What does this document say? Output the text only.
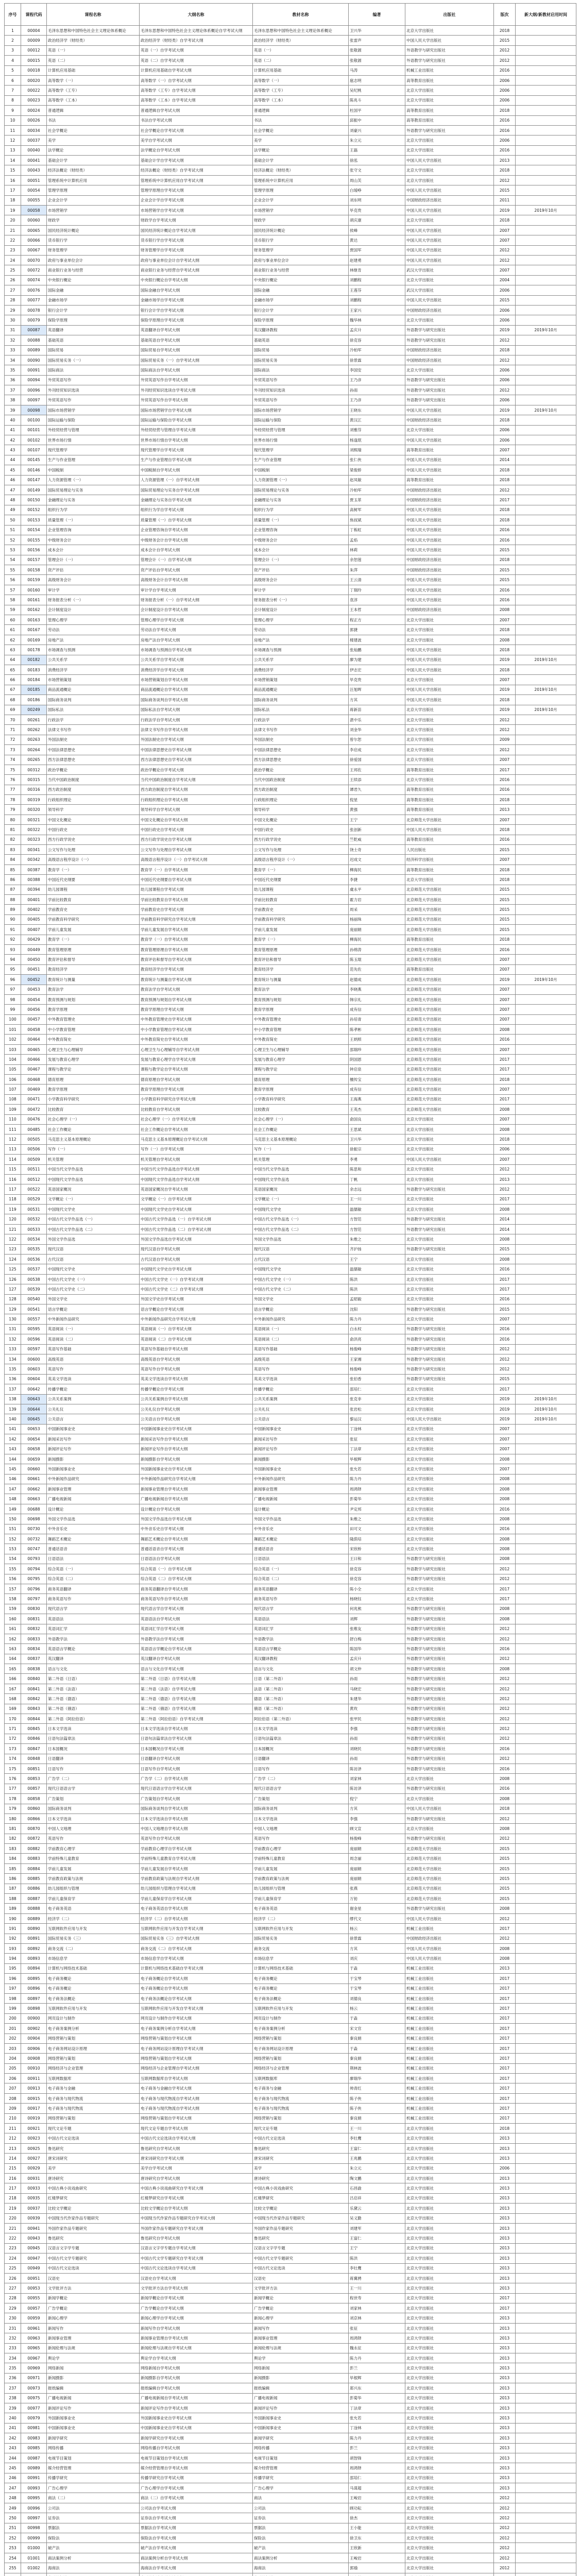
序号	课程代码	课程名称	大纲名称	教材名称	编著	出版社	版次	新大纲/新教材启用时间
1	00004	毛泽东思想和中国特色社会主义理论体系概论	毛泽东思想和中国特色社会主义理论体系概论自学考试大纲	毛泽东思想和中国特色社会主义理论体系概论	卫兴华	北京大学出版社	2018	
2	00009	政治经济学（财经类）	政治经济学（财经类）自学考试大纲	政治经济学（财经类）	张雷声	中国人民大学出版社	2015	
3	00012	英语（一）	英语（一）自学考试大纲	英语（一）	张敬源	外语教学与研究出版社	2012	
4	00015	英语（二）	英语（二）自学考试大纲	英语（二）	张敬源	外语教学与研究出版社	2012	
5	00018	计算机应用基础	计算机应用基础自学考试大纲	计算机应用基础	马涛	机械工业出版社	2016	
6	00020	高等数学（一）	高等数学（一）自学考试大纲	高等数学（一）	扈志明	高等教育出版社	2006	
7	00022	高等数学（工专）	高等数学（工专）自学考试大纲	高等数学（工专）	吴纪桃	北京大学出版社	2006	
8	00023	高等数学（工本）	高等数学（工本）自学考试大纲	高等数学（工本）	陈兆斗	北京大学出版社	2006	
9	00024	普通逻辑	普通逻辑自学考试大纲	普通逻辑	杜国平	高等教育出版社	2018	
10	00026	书法	书法自学考试大纲	书法	邱振中	高等教育出版社	2016	
11	00034	社会学概论	社会学概论自学考试大纲	社会学概论	刘豪兴	外语教学与研究出版社	2016	
12	00037	美学	美学自学考试大纲	美学	朱立元	北京大学出版社	2006	
13	00040	法学概论	法学概论自学考试大纲	法学概论	王磊	北京大学出版社	2016	
14	00041	基础会计学	基础会计学自学考试大纲	基础会计学	徐泓	中国人民大学出版社	2013	
15	00043	经济法概论（财经类）	经济法概论（财经类）自学考试大纲	经济法概论（财经类）	张守文	北京大学出版社	2018	
16	00051	管理系统中计算机应用	管理系统中计算机应用自学考试大纲	管理系统中计算机应用	周山芙	北京大学出版社	2012	
17	00054	管理学原理	管理学原理自学考试大纲	管理学原理	白瑷峥	中国人民大学出版社	2015	
18	00055	企业会计学	企业会计学自学考试大纲	企业会计学	刘东明	中国财政经济出版社	2011	
19	00058	市场营销学	市场营销学自学考试大纲	市场营销学	毕克贵	中国人民大学出版社	2019	2019年10月
20	00060	财政学	财政学自学考试大纲	财政学	胡庆康	北京大学出版社	2018	
21	00065	国民经济统计概论	国民经济统计概论自学考试大纲	国民经济统计概论	侯峰	中国人民大学出版社	2007	
22	00066	货币银行学	货币银行学自学考试大纲	货币银行学	黄达	中国人民大学出版社	2007	
23	00067	财务管理学	财务管理学自学考试大纲	财务管理学	贾国军	中国人民大学出版社	2012	
24	00070	政府与事业单位会计	政府与事业单位会计自学考试大纲	政府与事业单位会计	赵建勇	中国人民大学出版社	2012	
25	00072	商业银行业务与经营	商业银行业务与经营自学考试大纲	商业银行业务与经营	林继肯	武汉大学出版社	2007	
26	00074	中央银行概论	中央银行概论自学考试大纲	中央银行概论	刘鹏程	北京大学出版社	2004	
27	00076	国际金融	国际金融自学考试大纲	国际金融	王莲芬	武汉大学出版社	2006	
28	00077	金融市场学	金融市场学自学考试大纲	金融市场学	刘鹏程	中国人民大学出版社	2015	
29	00078	银行会计学	银行会计学自学考试大纲	银行会计学	王家兴	中国财政经济出版社	2006	
30	00079	保险学原理	保险学原理自学考试大纲	保险学原理	魏华林	北京大学出版社	2006	
31	00087	英语翻译	英语翻译自学考试大纲	英汉翻译教程	孟庆升	外语教学与研究出版社	2019	2019年10月
32	00088	基础英语	基础英语自学考试大纲	基础英语	徐克容	外语教学与研究出版社	2012	
33	00089	国际贸易	国际贸易自学考试大纲	国际贸易	冷柏军	中国财政经济出版社	2018	
34	00090	国际贸易实务（一）	国际贸易实务（一）自学考试大纲	国际贸易实务	徐景霖	中国财政经济出版社	2012	
35	00091	国际商法	国际商法自学考试大纲	国际商法	李国安	北京大学出版社	2006	
36	00094	外贸英语写作	外贸英语写作自学考试大纲	外贸英语写作	王乃彦	外语教学与研究出版社	2006	
37	00096	外刊经贸知识选读	外刊经贸知识选读自学考试大纲	外刊经贸知识选读	孙雨	外语教学与研究出版社	2012	
38	00097	外贸英语写作	外贸英语写作自学考试大纲	外贸英语写作	王乃彦	外语教学与研究出版社	2006	
39	00098	国际市场营销学	国际市场营销学自学考试大纲	国际市场营销学	王晓东	中国人民大学出版社	2019	2019年10月
40	00100	国际运输与保险	国际运输与保险自学考试大纲	国际运输与保险	黄汉江	中国财政经济出版社	2018	
41	00101	外经贸经营与管理	外经贸经营与管理自学考试大纲	外经贸经营与管理	刘雅芬	北京大学出版社	2006	
42	00102	世界市场行情	世界市场行情自学考试大纲	世界市场行情	杨逢珉	中国人民大学出版社	2006	
43	00107	现代管理学	现代管理学自学考试大纲	现代管理学	刘熙瑞	高等教育出版社	2007	
44	00145	生产与作业管理	生产与作业管理自学考试大纲	生产与作业管理	张仁侠	中国人民大学出版社	2014	
45	00146	中国税制	中国税制自学考试大纲	中国税制	梁俊娇	中国人民大学出版社	2018	
46	00147	人力资源管理（一）	人力资源管理（一）自学考试大纲	人力资源管理（一）	赵凤敏	高等教育出版社	2018	
47	00149	国际贸易理论与实务	国际贸易理论与实务自学考试大纲	国际贸易理论与实务	冷柏军	中国财政经济出版社	2012	
48	00150	金融理论与实务	金融理论与实务自学考试大纲	金融理论与实务	贾玉革	中国财政经济出版社	2017	
49	00152	组织行为学	组织行为学自学考试大纲	组织行为学	高树军	中国人民大学出版社	2018	
50	00153	质量管理（一）	质量管理（一）自学考试大纲	质量管理（一）	焦叔斌	中国人民大学出版社	2018	
51	00154	企业管理咨询	企业管理咨询自学考试大纲	企业管理咨询	丁栋虹	中国人民大学出版社	2016	
52	00155	中级财务会计	中级财务会计自学考试大纲	中级财务会计	孟焰	中国人民大学出版社	2016	
53	00156	成本会计	成本会计自学考试大纲	成本会计	林莉	中国人民大学出版社	2015	
54	00157	管理会计（一）	管理会计（一）自学考试大纲	管理会计（一）	余恕莲	中国财政经济出版社	2018	
55	00158	资产评估	资产评估自学考试大纲	资产评估	朱萍	中国财政经济出版社	2015	
56	00159	高级财务会计	高级财务会计自学考试大纲	高级财务会计	王云清	中国人民大学出版社	2015	
57	00160	审计学	审计学自学考试大纲	审计学	丁瑞玲	中国人民大学出版社	2016	
58	00161	财务报表分析（一）	财务报表分析（一）自学考试大纲	财务报表分析（一）	袁淳	中国人民大学出版社	2016	
59	00162	会计制度设计	会计制度设计自学考试大纲	会计制度设计	王本哲	中国财政经济出版社	2008	
60	00163	管理心理学	管理心理学自学考试大纲	管理心理学	程正方	北京大学出版社	2007	
61	00167	劳动法	劳动法自学考试大纲	劳动法	郭捷	北京大学出版社	2018	
62	00169	房地产法	房地产法自学考试大纲	房地产法	楼建波	北京大学出版社	2008	
63	00178	市场调查与预测	市场调查与预测自学考试大纲	市场调查与预测	张灿鹏	中国人民大学出版社	2018	
64	00182	公共关系学	公共关系学自学考试大纲	公共关系学	廖为建	中国人民大学出版社	2019	2019年10月
65	00183	消费经济学	消费经济学自学考试大纲	消费经济学	伊志宏	中国人民大学出版社	2018	
66	00184	市场营销策划	市场营销策划自学考试大纲	市场营销策划	毕克贵	北京大学出版社	2007	
67	00185	商品流通概论	商品流通概论自学考试大纲	商品流通概论	汪旭晖	中国人民大学出版社	2019	2019年10月
68	00186	国际商务谈判	国际商务谈判自学考试大纲	国际商务谈判	方其	中国人民大学出版社	2018	
69	00249	国际私法	国际私法自学考试大纲	国际私法	蒋新苗	北京大学出版社	2019	2019年10月
70	00261	行政法学	行政法学自学考试大纲	行政法学	湛中乐	北京大学出版社	2012	
71	00262	法律文书写作	法律文书写作自学考试大纲	法律文书写作	刘金华	北京大学出版社	2012	
72	00263	外国法制史	外国法制史自学考试大纲	外国法制史	曾尔恕	北京大学出版社	2009	
73	00264	中国法律思想史	中国法律思想史自学考试大纲	中国法律思想史	李启成	北京大学出版社	2012	
74	00265	西方法律思想史	西方法律思想史自学考试大纲	西方法律思想史	徐爱国	北京大学出版社	2007	
75	00312	政治学概论	政治学概论自学考试大纲	政治学概论	王邦佐	高等教育出版社	2017	
76	00315	当代中国政治制度	当代中国政治制度自学考试大纲	当代中国政治制度	王续添	北京大学出版社	2016	
77	00316	西方政治制度	西方政治制度自学考试大纲	西方政治制度	谭君久	高等教育出版社	2016	
78	00319	行政组织理论	行政组织理论自学考试大纲	行政组织理论	倪星	高等教育出版社	2018	
79	00320	领导科学	领导科学自学考试大纲	领导科学	黄强	高等教育出版社	2013	
80	00321	中国文化概论	中国文化概论自学考试大纲	中国文化概论	王宁	北京师范大学出版社	2007	
81	00322	中国行政史	中国行政史自学考试大纲	中国行政史	张创新	中国人民大学出版社	2018	
82	00323	西方行政学说史	西方行政学说史自学考试大纲	西方行政学说史	竺乾威	高等教育出版社	2016	
83	00341	公文写作与处理	公文写作与处理自学考试大纲	公文写作与处理	饶士奇	人民出版社	2015	
84	00342	高级语言程序设计（一）	高级语言程序设计（一）自学考试大纲	高级语言程序设计（一）	迟成文	经济科学出版社	2007	
85	00387	教育学（一）	教育学（一）自学考试大纲	教育学（一）	柳海民	高等教育出版社	2018	
86	00388	中国近代史纲要	中国近代史纲要自学考试大纲	中国近代史纲要	李捷	北京大学出版社	2018	
87	00394	幼儿园课程	幼儿园课程自学考试大纲	幼儿园课程	虞永平	北京师范大学出版社	2015	
88	00401	学前比较教育	学前比较教育自学考试大纲	学前比较教育	霍力岩	北京师范大学出版社	2015	
89	00402	学前教育史	学前教育史自学考试大纲	学前教育史	周采	北京师范大学出版社	2015	
90	00405	学前教育科学研究	学前教育科学研究自学考试大纲	学前教育科学研究	杨丽珠	北京师范大学出版社	2015	
91	00407	学前儿童发展	学前儿童发展自学考试大纲	学前儿童发展	庞丽娟	北京师范大学出版社	2015	
92	00429	教育学（一）	教育学（一）自学考试大纲	教育学（一）	柳海民	高等教育出版社	2018	
93	00449	教育管理原理	教育管理原理自学考试大纲	教育管理原理	孙绵涛	北京师范大学出版社	2016	
94	00450	教育评估和督导	教育评估和督导自学考试大纲	教育评估和督导	陈玉琨	北京师范大学出版社	2007	
95	00451	教育经济学	教育经济学自学考试大纲	教育经济学	范先佐	高等教育出版社	2007	
96	00452	教育统计与测量	教育统计与测量自学考试大纲	教育统计与测量	赵德成	北京师范大学出版社	2019	2019年10月
97	00453	教育法学	教育法学自学考试大纲	教育法学	李晓燕	北京师范大学出版社	2007	
98	00454	教育预测与规划	教育预测与规划自学考试大纲	教育预测与规划	韩宗礼	北京师范大学出版社	2007	
99	00456	教育学原理	教育学原理自学考试大纲	教育学原理	成有信	北京师范大学出版社	2007	
100	00457	中外教育管理史	中外教育管理史自学考试大纲	中外教育管理史	孙培青	北京师范大学出版社	2007	
101	00458	中小学教育管理	中小学教育管理自学考试大纲	中小学教育管理	陈孝彬	北京师范大学出版社	2008	
102	00464	中外教育简史	中外教育简史自学考试大纲	中外教育简史	王炳照	北京师范大学出版社	2016	
103	00465	心理卫生与心理辅导	心理卫生与心理辅导自学考试大纲	心理卫生与心理辅导	邵瑞珍	北京师范大学出版社	2007	
104	00466	发展与教育心理学	发展与教育心理学自学考试大纲	发展与教育心理学	阴国恩	北京师范大学出版社	2017	
105	00467	课程与教学论	课程与教学论自学考试大纲	课程与教学论	钟启泉	北京师范大学出版社	2017	
106	00468	德育原理	德育原理自学考试大纲	德育原理	檀传宝	北京师范大学出版社	2018	
107	00469	教育学原理	教育学原理自学考试大纲	教育学原理	成有信	北京师范大学出版社	2007	
108	00471	小学教育科学研究	小学教育科学研究自学考试大纲	小学教育科学研究	王海燕	北京师范大学出版社	2017	
109	00472	比较教育	比较教育自学考试大纲	比较教育	王英杰	北京师范大学出版社	2008	
110	00476	社会心理学（一）	社会心理学（一）自学考试大纲	社会心理学（一）	俞国良	北京大学出版社	2007	
111	00485	社会工作概论	社会工作概论自学考试大纲	社会工作概论	王思斌	北京大学出版社	2008	
112	00505	马克思主义基本原理概论	马克思主义基本原理概论自学考试大纲	马克思主义基本原理概论	卫兴华	北京大学出版社	2018	
113	00506	写作（一）	写作（一）自学考试大纲	写作（一）	徐振宗	北京大学出版社	2006	
114	00509	机关管理	机关管理自学考试大纲	机关管理	李勇	中国人民大学出版社	2007	
115	00511	中国当代文学作品选	中国当代文学作品选自学考试大纲	中国当代文学作品选	陈思和	北京大学出版社	2012	
116	00512	中国现代文学作品选	中国现代文学作品选自学考试大纲	中国现代文学作品选	丁帆	北京大学出版社	2013	
117	00522	英语国家概况	英语国家概况自学考试大纲	英语国家概况	余志远	外语教学与研究出版社	2012	
118	00529	文学概论（一）	文学概论（一）自学考试大纲	文学概论（一）	王一川	北京大学出版社	2017	
119	00531	中国现代文学史	中国现代文学史自学考试大纲	中国现代文学史	温儒敏	北京大学出版社	2008	
120	00532	中国古代文学作品选（一）	中国古代文学作品选（一）自学考试大纲	中国古代文学作品选（一）	方智范	外语教学与研究出版社	2014	
121	00533	中国古代文学作品选（二）	中国古代文学作品选（二）自学考试大纲	中国古代文学作品选（二）	方智范	外语教学与研究出版社	2014	
122	00534	外国文学作品选	外国文学作品选自学考试大纲	外国文学作品选	朱维之	北京大学出版社	2008	
123	00535	现代汉语	现代汉语自学考试大纲	现代汉语	齐沪扬	外语教学与研究出版社	2015	
124	00536	古代汉语	古代汉语自学考试大纲	古代汉语	王宁	北京大学出版社	2008	
125	00537	中国现代文学史	中国现代文学史自学考试大纲	中国现代文学史	温儒敏	北京大学出版社	2016	
126	00538	中国古代文学史（一）	中国古代文学史（一）自学考试大纲	中国古代文学史（一）	陈洪	北京大学出版社	2017	
127	00539	中国古代文学史（二）	中国古代文学史（二）自学考试大纲	中国古代文学史（二）	陈洪	北京大学出版社	2017	
128	00540	外国文学史	外国文学史自学考试大纲	外国文学史	孟昭毅	北京大学出版社	2016	
129	00541	语言学概论	语言学概论自学考试大纲	语言学概论	沈阳	外语教学与研究出版社	2015	
130	00557	中外新闻作品研究	中外新闻作品研究自学考试大纲	中外新闻作品研究	陈力丹	北京大学出版社	2007	
131	00595	英语阅读（一）	英语阅读（一）自学考试大纲	英语阅读（一）	白永权	外语教学与研究出版社	2016	
132	00596	英语阅读（二）	英语阅读（二）自学考试大纲	英语阅读（二）	俞洪亮	外语教学与研究出版社	2016	
133	00597	英语写作基础	英语写作基础自学考试大纲	英语写作基础	杨俊峰	外语教学与研究出版社	2012	
134	00600	高级英语	高级英语自学考试大纲	高级英语	王家湘	外语教学与研究出版社	2012	
135	00603	英语写作	英语写作自学考试大纲	英语写作	杨俊峰	外语教学与研究出版社	2012	
136	00604	英美文学选读	英美文学选读自学考试大纲	英美文学选读	张伯香	外语教学与研究出版社	2015	
137	00642	传播学概论	传播学概论自学考试大纲	传播学概论	邵培仁	北京大学出版社	2017	
138	00643	公共关系案例	公共关系案例自学考试大纲	公共关系案例	张克非	北京大学出版社	2019	2019年10月
139	00644	公关礼仪	公关礼仪自学考试大纲	公关礼仪	张岩松	北京大学出版社	2019	2019年10月
140	00645	公关语言	公关语言自学考试大纲	公关语言	黎运汉	中国人民大学出版社	2019	2019年10月
141	00653	中国新闻事业史	中国新闻事业史自学考试大纲	中国新闻事业史	丁淦林	北京大学出版社	2007	
142	00654	新闻采访写作	新闻采访写作自学考试大纲	新闻采访写作	张征	北京大学出版社	2007	
143	00658	新闻评论写作	新闻评论写作自学考试大纲	新闻评论写作	丁法章	北京大学出版社	2007	
144	00659	新闻摄影	新闻摄影自学考试大纲	新闻摄影	毕根辉	北京大学出版社	2008	
145	00660	外国新闻事业史	外国新闻事业史自学考试大纲	外国新闻事业史	张允若	北京大学出版社	2007	
146	00661	中外新闻作品研究	中外新闻作品研究自学考试大纲	中外新闻作品研究	陈力丹	北京大学出版社	2008	
147	00662	新闻事业管理	新闻事业管理自学考试大纲	新闻事业管理	周鸿铎	北京大学出版社	2008	
148	00663	广播电视新闻	广播电视新闻自学考试大纲	广播电视新闻	彭菊华	北京大学出版社	2008	
149	00688	设计概论	设计概论自学考试大纲	设计概论	尹定邦	北京大学出版社	2016	
150	00698	外国文学作品选	外国文学作品选自学考试大纲	外国文学作品选	朱维之	北京大学出版社	2008	
151	00730	中外音乐史	中外音乐史自学考试大纲	中外音乐史	田可文	北京大学出版社	2016	
152	00732	舞蹈艺术概论	舞蹈艺术概论自学考试大纲	舞蹈艺术概论	隆荫培	北京大学出版社	2008	
153	00747	普通话语音	普通话语音自学考试大纲	普通话语音	宋欣桥	北京大学出版社	2008	
154	00793	日语语法	日语语法自学考试大纲	日语语法	王曰和	外语教学与研究出版社	2008	
155	00794	综合英语（一）	综合英语（一）自学考试大纲	综合英语（一）	徐克容	外语教学与研究出版社	2012	
156	00795	综合英语（二）	综合英语（二）自学考试大纲	综合英语（二）	徐克容	外语教学与研究出版社	2012	
157	00796	商务英语翻译	商务英语翻译自学考试大纲	商务英语翻译	陈小全	北京大学出版社	2017	
158	00797	商务英语写作	商务英语写作自学考试大纲	商务英语写作	杨晓钰	北京大学出版社	2017	
159	00830	现代语言学	现代语言学自学考试大纲	现代语言学	何兆熊	外语教学与研究出版社	2008	
160	00831	英语语法	英语语法自学考试大纲	英语语法	刘辉	外语教学与研究出版社	2008	
161	00832	英语词汇学	英语词汇学自学考试大纲	英语词汇学	张维友	外语教学与研究出版社	2012	
162	00833	外语教学法	外语教学法自学考试大纲	外语教学法	舒白梅	外语教学与研究出版社	2012	
163	00834	英语语言学概论	英语语言学概论自学考试大纲	英语语言学概论	陈国华	外语教学与研究出版社	2016	
164	00837	英汉翻译	英汉翻译自学考试大纲	英汉翻译教程	孟庆升	外语教学与研究出版社	2012	
165	00838	语言与文化	语言与文化自学考试大纲	语言与文化	胡文仲	外语教学与研究出版社	2008	
166	00840	第二外语（日语）	第二外语（日语）自学考试大纲	日语（第二外语）	孙雨	外语教学与研究出版社	2012	
167	00841	第二外语（法语）	第二外语（法语）自学考试大纲	法语（第二外语）	马晓宏	外语教学与研究出版社	2012	
168	00842	第二外语（德语）	第二外语（德语）自学考试大纲	德语（第二外语）	朱建华	外语教学与研究出版社	2012	
169	00843	第二外语（俄语）	第二外语（俄语）自学考试大纲	俄语（第二外语）	黄玫	外语教学与研究出版社	2012	
170	00844	第二外语（阿拉伯语）	第二外语（阿拉伯语）自学考试大纲	阿拉伯语（第二外语）	张甲民	外语教学与研究出版社	2012	
171	00845	日本文学选读	日本文学选读自学考试大纲	日本文学选读	李强	外语教学与研究出版社	2012	
172	00846	日语句法篇章法	日语句法篇章法自学考试大纲	日语句法篇章法	孙雨	外语教学与研究出版社	2012	
173	00847	日本国概况	日本国概况自学考试大纲	日本国概况	刘晓民	外语教学与研究出版社	2016	
174	00848	日语翻译	日语翻译自学考试大纲	日语翻译	孙雨	外语教学与研究出版社	2012	
175	00851	日语写作	日语写作自学考试大纲	日语写作	陈访泽	外语教学与研究出版社	2016	
176	00853	广告学（二）	广告学（二）自学考试大纲	广告学（二）	刘家林	北京大学出版社	2008	
177	00857	现代日语语言学	现代日语语言学自学考试大纲	现代日语语言学	陈访泽	外语教学与研究出版社	2016	
178	00858	广告策划	广告策划自学考试大纲	广告策划	倪宁	北京大学出版社	2008	
179	00860	国际商务谈判	国际商务谈判自学考试大纲	国际商务谈判	方其	中国人民大学出版社	2018	
180	00866	日本文学选读	日本文学选读自学考试大纲	日本文学选读	李强	外语教学与研究出版社	2012	
181	00870	中国人文地理	中国人文地理自学考试大纲	中国人文地理	顾文宣	北京大学出版社	2008	
182	00872	英语写作	英语写作自学考试大纲	英语写作	杨俊峰	外语教学与研究出版社	2012	
183	00882	学前教育心理学	学前教育心理学自学考试大纲	学前教育心理学	庞丽娟	北京师范大学出版社	2015	
184	00883	学前特殊儿童教育	学前特殊儿童教育自学考试大纲	学前特殊儿童教育	周念丽	北京师范大学出版社	2015	
185	00884	学前儿童发展	学前儿童发展自学考试大纲	学前儿童发展	庞丽娟	北京师范大学出版社	2015	
186	00885	学前教育政策与法规	学前教育政策与法规自学考试大纲	学前教育政策与法规	庞丽娟	北京师范大学出版社	2015	
187	00886	幼儿园组织与管理	幼儿园组织与管理自学考试大纲	幼儿园组织与管理	张燕	北京师范大学出版社	2015	
188	00887	学前儿童保育学	学前儿童保育学自学考试大纲	学前儿童保育学	万钫	北京师范大学出版社	2015	
189	00888	电子商务英语	电子商务英语自学考试大纲	电子商务英语	谢金星	外语教学与研究出版社	2008	
190	00889	经济学（二）	经济学（二）自学考试大纲	经济学（二）	缪代文	中国人民大学出版社	2012	
191	00890	互联网软件应用与开发	互联网软件应用与开发自学考试大纲	互联网软件应用与开发	杨云	机械工业出版社	2017	
192	00891	国际贸易实务（三）	国际贸易实务（三）自学考试大纲	国际贸易实务	徐景霖	中国财政经济出版社	2012	
193	00892	商务交流（二）	商务交流（二）自学考试大纲	商务交流	方其	中国人民大学出版社	2008	
194	00893	市场信息学	市场信息学自学考试大纲	市场信息学	刘庆	中国人民大学出版社	2008	
195	00894	计算机与网络技术基础	计算机与网络技术基础自学考试大纲	计算机与网络技术基础	于淼	机械工业出版社	2013	
196	00895	电子商务概论	电子商务概论自学考试大纲	电子商务概论	于宝琴	机械工业出版社	2017	
197	00896	电子商务概论	电子商务概论自学考试大纲	电子商务概论	于宝琴	机械工业出版社	2017	
198	00897	电子商务法概论	电子商务法概论自学考试大纲	电子商务法概论	刘德良	机械工业出版社	2017	
199	00898	互联网软件应用与开发	互联网软件应用与开发自学考试大纲	互联网软件应用与开发	杨云	机械工业出版社	2017	
200	00900	网页设计与制作	网页设计与制作自学考试大纲	网页设计与制作	于淼	机械工业出版社	2017	
201	00902	电子商务案例分析	电子商务案例分析自学考试大纲	电子商务案例分析	宋文官	机械工业出版社	2017	
202	00904	网络营销与策划	网络营销与策划自学考试大纲	网络营销与策划	秦良娟	机械工业出版社	2017	
203	00906	电子商务网站设计原理	电子商务网站设计原理自学考试大纲	电子商务网站设计原理	于淼	机械工业出版社	2017	
204	00908	网络营销与策划	网络营销与策划自学考试大纲	网络营销与策划	秦良娟	机械工业出版社	2017	
205	00910	网络经济与企业管理	网络经济与企业管理自学考试大纲	网络经济与企业管理	荆林波	机械工业出版社	2017	
206	00911	互联网数据库	互联网数据库自学考试大纲	互联网数据库	廖瑞华	机械工业出版社	2017	
207	00913	电子商务与金融	电子商务与金融自学考试大纲	电子商务与金融	帅青红	机械工业出版社	2017	
208	00915	电子商务与现代物流	电子商务与现代物流自学考试大纲	电子商务与现代物流	陈子侠	机械工业出版社	2017	
209	00917	电子商务与现代物流	电子商务与现代物流自学考试大纲	电子商务与现代物流	陈子侠	机械工业出版社	2017	
210	00919	网络营销与策划	网络营销与策划自学考试大纲	网络营销与策划	秦良娟	机械工业出版社	2017	
211	00921	现代文论专题	现代文论专题自学考试大纲	现代文论专题	王一川	北京大学出版社	2018	
212	00923	中国古代文论选读	中国古代文论选读自学考试大纲	中国古代文论选读	李壮鹰	北京大学出版社	2013	
213	00925	鲁迅研究	鲁迅研究自学考试大纲	鲁迅研究	王富仁	北京大学出版社	2013	
214	00927	唐宋词研究	唐宋词研究自学考试大纲	唐宋词研究	王兆鹏	北京大学出版社	2013	
215	00929	美学	美学自学考试大纲	美学	朱立元	北京大学出版社	2006	
216	00931	唐诗研究	唐诗研究自学考试大纲	唐诗研究	陶文鹏	北京大学出版社	2013	
217	00933	中国古典小说戏曲研究	中国古典小说戏曲研究自学考试大纲	中国古典小说戏曲研究	石昌渝	北京大学出版社	2013	
218	00935	红楼梦研究	红楼梦研究自学考试大纲	红楼梦研究	吕启祥	北京大学出版社	2013	
219	00937	比较文学概论	比较文学概论自学考试大纲	比较文学概论	乐黛云	北京大学出版社	2013	
220	00939	中国现当代作家作品专题研究	中国现当代作家作品专题研究自学考试大纲	中国现当代作家作品专题研究	吴义勤	北京大学出版社	2013	
221	00941	外国作家作品专题研究	外国作家作品专题研究自学考试大纲	外国作家作品专题研究	刘建军	北京大学出版社	2013	
222	00943	鲁迅研究	鲁迅研究自学考试大纲	鲁迅研究	王富仁	北京大学出版社	2013	
223	00945	汉语言文字学专题	汉语言文字学专题自学考试大纲	汉语言文字学专题	王宁	北京大学出版社	2013	
224	00947	中国古代文学专题研究	中国古代文学专题研究自学考试大纲	中国古代文学专题研究	陈洪	北京大学出版社	2013	
225	00949	中国古代文论选读	中国古代文论选读自学考试大纲	中国古代文论选读	李壮鹰	北京大学出版社	2013	
226	00951	汉语史	汉语史自学考试大纲	汉语史	蒋冀骋	北京大学出版社	2013	
227	00953	文学批评方法	文学批评方法自学考试大纲	文学批评方法	王一川	北京大学出版社	2013	
228	00955	新闻学概论	新闻学概论自学考试大纲	新闻学概论	程世寿	北京大学出版社	2017	
229	00957	广告学概论	广告学概论自学考试大纲	广告学概论	刘家林	北京大学出版社	2017	
230	00959	新闻心理学	新闻心理学自学考试大纲	新闻心理学	刘京林	北京大学出版社	2013	
231	00961	新闻写作	新闻写作自学考试大纲	新闻写作	张征	北京大学出版社	2013	
232	00963	新闻事业管理	新闻事业管理自学考试大纲	新闻事业管理	周鸿铎	北京大学出版社	2013	
233	00965	新闻伦理与法规	新闻伦理与法规自学考试大纲	新闻伦理与法规	魏永征	北京大学出版社	2013	
234	00967	舆论学	舆论学自学考试大纲	舆论学	陈力丹	北京大学出版社	2013	
235	00969	网络新闻	网络新闻自学考试大纲	网络新闻	彭兰	北京大学出版社	2013	
236	00971	新闻摄影	新闻摄影自学考试大纲	新闻摄影	毕根辉	北京大学出版社	2013	
237	00973	报纸编辑	报纸编辑自学考试大纲	报纸编辑	郑兴东	北京大学出版社	2013	
238	00975	广播电视新闻	广播电视新闻自学考试大纲	广播电视新闻	彭菊华	北京大学出版社	2013	
239	00977	新闻评论写作	新闻评论写作自学考试大纲	新闻评论写作	丁法章	北京大学出版社	2013	
240	00979	外国新闻事业史	外国新闻事业史自学考试大纲	外国新闻事业史	张允若	北京大学出版社	2013	
241	00981	中国新闻事业史	中国新闻事业史自学考试大纲	中国新闻事业史	丁淦林	北京大学出版社	2013	
242	00983	新闻学研究	新闻学研究自学考试大纲	新闻学研究	陈力丹	北京大学出版社	2013	
243	00985	网络传播	网络传播自学考试大纲	网络传播	彭兰	北京大学出版社	2013	
244	00987	电视节目策划	电视节目策划自学考试大纲	电视节目策划	胡智锋	北京大学出版社	2013	
245	00989	媒介经营管理	媒介经营管理自学考试大纲	媒介经营管理	周鸿铎	北京大学出版社	2013	
246	00991	传播学研究	传播学研究自学考试大纲	传播学研究	邵培仁	北京大学出版社	2013	
247	00993	广告心理学	广告心理学自学考试大纲	广告心理学	马谋超	北京大学出版社	2013	
248	00995	商法（二）	商法（二）自学考试大纲	商法	王峻岩	北京大学出版社	2012	
249	00996	公司法	公司法自学考试大纲	公司法	顾功耘	北京大学出版社	2012	
250	00997	证券法	证券法自学考试大纲	证券法	徐杰	北京大学出版社	2012	
251	00998	票据法	票据法自学考试大纲	票据法	王小能	北京大学出版社	2012	
252	00999	保险法	保险法自学考试大纲	保险法	徐卫东	北京大学出版社	2012	
253	01000	破产法	破产法自学考试大纲	破产法	王欣新	北京大学出版社	2012	
254	01001	商法案例分析	商法案例分析自学考试大纲	商法案例分析	王峻岩	北京大学出版社	2012	
255	01002	海商法	海商法自学考试大纲	海商法	郭瑜	北京大学出版社	2012	
